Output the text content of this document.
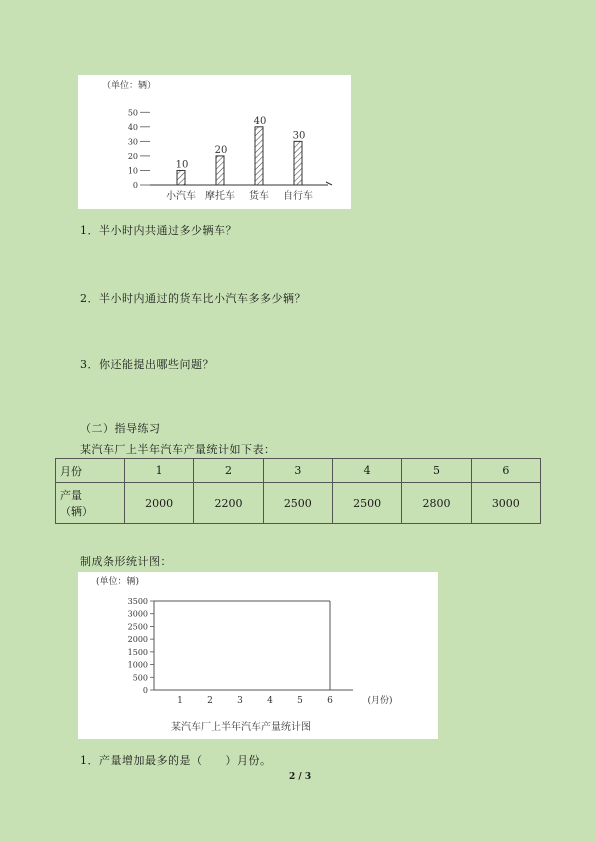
（单位：辆）
0
10
20
30
40
50
10
小汽车
20
摩托车
40
货车
30
自行车
1．半小时内共通过多少辆车？
2．半小时内通过的货车比小汽车多多少辆？
3．你还能提出哪些问题？
（二）指导练习
某汽车厂上半年汽车产量统计如下表：
月份	1	2	3	4	5	6

产量
（辆）	2000	2200	2500	2500	2800	3000
制成条形统计图：
(单位：辆)
0
500
1000
1500
2000
2500
3000
3500
1	2	3	4	5	6	(月份)
某汽车厂上半年汽车产量统计图
1．产量增加最多的是（　　）月份。
2 / 3
